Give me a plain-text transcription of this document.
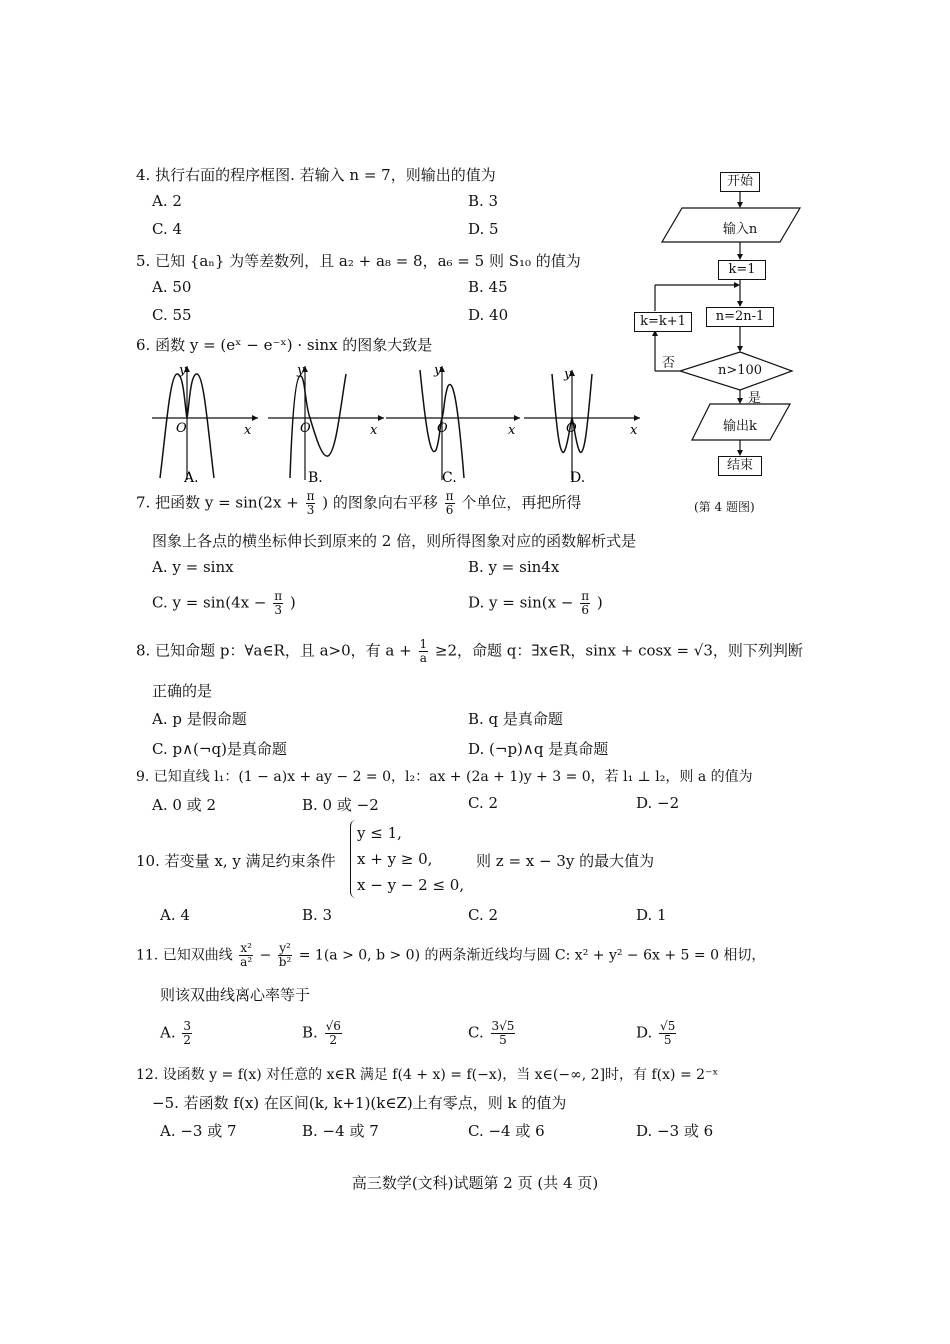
4. 执行右面的程序框图. 若输入 n = 7，则输出的值为
A. 2	B. 3
C. 4	D. 5
5. 已知 {aₙ} 为等差数列，且 a₂ + a₈ = 8，a₆ = 5 则 S₁₀ 的值为
A. 50	B. 45
C. 55	D. 40
6. 函数 y = (eˣ − e⁻ˣ) · sinx 的图象大致是
y
x
O
A.
y
x
O
B.
y
x
O
C.
y
x
O
D.
开始
输入n
k=1
k=k+1	n=2n-1
否	n>100
是
输出k
结束
(第 4 题图)
7. 把函数 $y = \sin(2x + \frac{\pi}{3}$ ) 的图象向右平移 $\frac{\pi}{6}$ 个单位，再把所得
图象上各点的横坐标伸长到原来的 2 倍，则所得图象对应的函数解析式是
A. y = sinx	B. y = sin4x
C. $y = \sin(4x - \frac{\pi}{3}$ )	D. $y = \sin(x - \frac{\pi}{6}$ )
8. 已知命题 p：∀a∈R，且 a>0，有 $a + \frac{1}{a} \ge 2$，命题 q：∃x∈R，sinx + cosx = √3，则下列判断
正确的是
A. p 是假命题	B. q 是真命题
C. p∧(¬q)是真命题	D. (¬p)∧q 是真命题
9. 已知直线 l₁：(1 − a)x + ay − 2 = 0，l₂：ax + (2a + 1)y + 3 = 0，若 l₁ ⊥ l₂，则 a 的值为
A. 0 或 2	B. 0 或 −2	C. 2	D. −2
10. 若变量 x, y 满足约束条件
y ≤ 1,
x + y ≥ 0,
x − y − 2 ≤ 0,
则 z = x − 3y 的最大值为
A. 4	B. 3	C. 2	D. 1
11. 已知双曲线 $\frac{\text{x²}}{\text{a²}} - \frac{\text{y²}}{\text{b²}} = 1(a > 0$, b > 0) 的两条渐近线均与圆 C: x² + y² − 6x + 5 = 0 相切，
则该双曲线离心率等于
A. $\frac{3}{2}$	B. $\frac{√6}{2}$	C. $\frac{3√5}{5}$	D. $\frac{√5}{5}$
12. 设函数 y = f(x) 对任意的 x∈R 满足 f(4 + x) = f(−x)，当 x∈(−∞, 2]时，有 f(x) = 2⁻ˣ
−5. 若函数 f(x) 在区间(k, k+1)(k∈Z)上有零点，则 k 的值为
A. −3 或 7	B. −4 或 7	C. −4 或 6	D. −3 或 6
高三数学(文科)试题第 2 页 (共 4 页)
